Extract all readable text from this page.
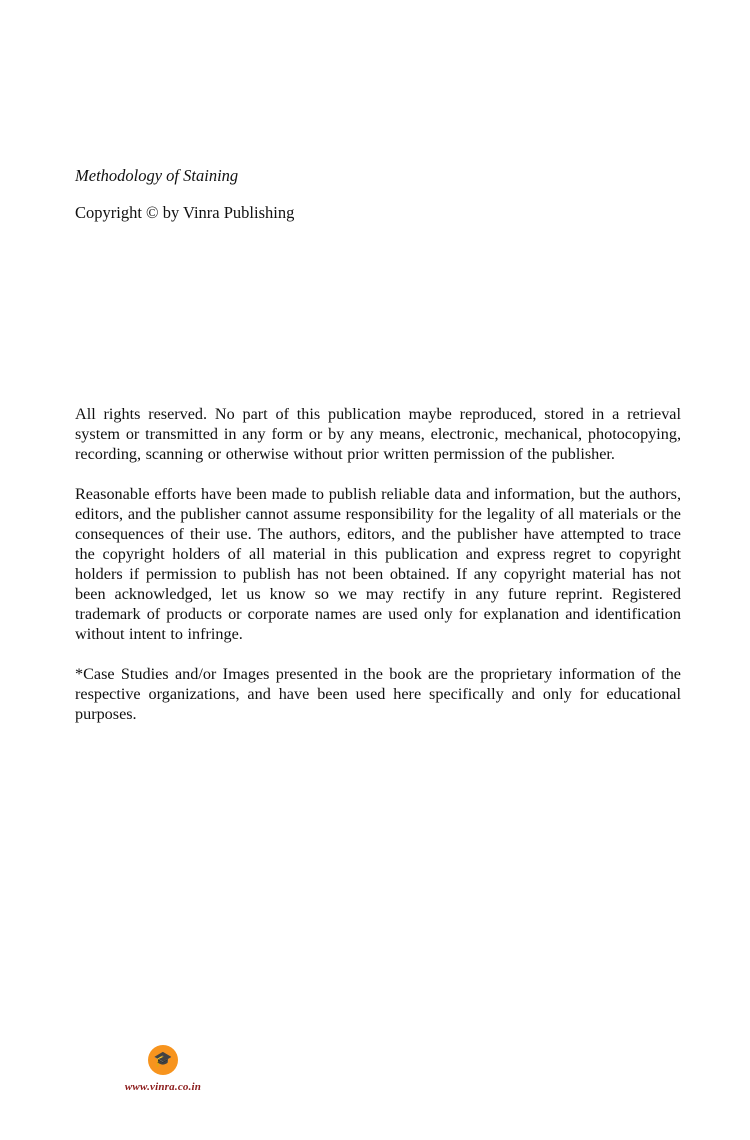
Methodology of Staining
Copyright © by Vinra Publishing

All rights reserved. No part of this publication maybe reproduced, stored in a retrieval system or transmitted in any form or by any means, electronic, mechanical, photocopying, recording, scanning or otherwise without prior written permission of the publisher.

Reasonable efforts have been made to publish reliable data and information, but the authors, editors, and the publisher cannot assume responsibility for the legality of all materials or the consequences of their use. The authors, editors, and the publisher have attempted to trace the copyright holders of all material in this publication and express regret to copyright holders if permission to publish has not been obtained. If any copyright material has not been acknowledged, let us know so we may rectify in any future reprint. Registered trademark of products or corporate names are used only for explanation and identification without intent to infringe.

*Case Studies and/or Images presented in the book are the proprietary information of the respective organizations, and have been used here specifically and only for educational purposes.

🎓
www.vinra.co.in
